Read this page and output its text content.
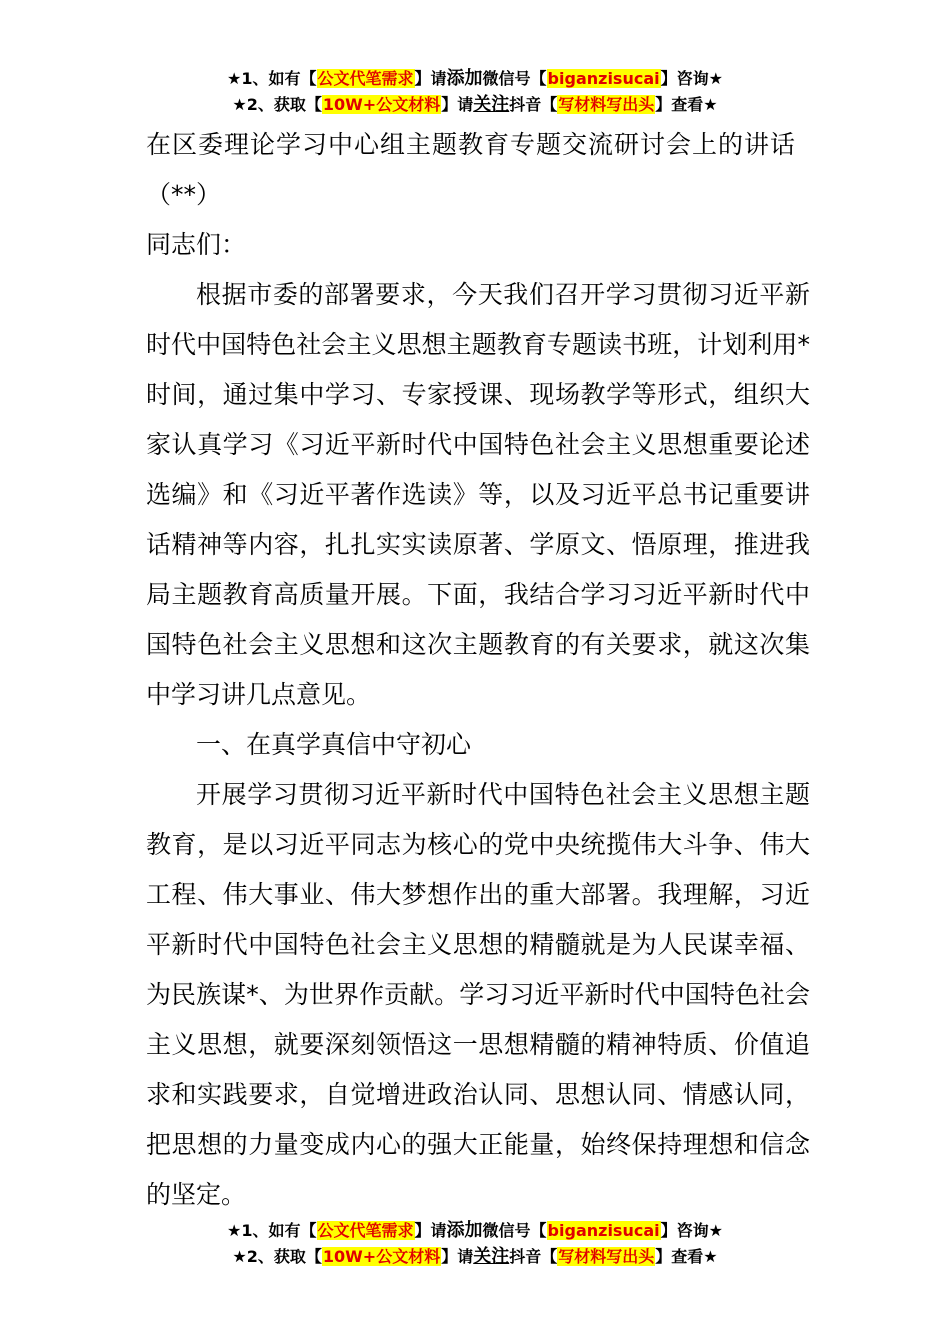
★1、如有【公文代笔需求】请添加微信号【biganzisucai】咨询★
★2、获取【10W+公文材料】请关注抖音【写材料写出头】查看★

在区委理论学习中心组主题教育专题交流研讨会上的讲话

（**）

同志们：

根据市委的部署要求，今天我们召开学习贯彻习近平新时代中国特色社会主义思想主题教育专题读书班，计划利用*时间，通过集中学习、专家授课、现场教学等形式，组织大家认真学习《习近平新时代中国特色社会主义思想重要论述选编》和《习近平著作选读》等，以及习近平总书记重要讲话精神等内容，扎扎实实读原著、学原文、悟原理，推进我局主题教育高质量开展。下面，我结合学习习近平新时代中国特色社会主义思想和这次主题教育的有关要求，就这次集中学习讲几点意见。

一、在真学真信中守初心

开展学习贯彻习近平新时代中国特色社会主义思想主题教育，是以习近平同志为核心的党中央统揽伟大斗争、伟大工程、伟大事业、伟大梦想作出的重大部署。我理解，习近平新时代中国特色社会主义思想的精髓就是为人民谋幸福、为民族谋*、为世界作贡献。学习习近平新时代中国特色社会主义思想，就要深刻领悟这一思想精髓的精神特质、价值追求和实践要求，自觉增进政治认同、思想认同、情感认同，把思想的力量变成内心的强大正能量，始终保持理想和信念的坚定。

★1、如有【公文代笔需求】请添加微信号【biganzisucai】咨询★
★2、获取【10W+公文材料】请关注抖音【写材料写出头】查看★
